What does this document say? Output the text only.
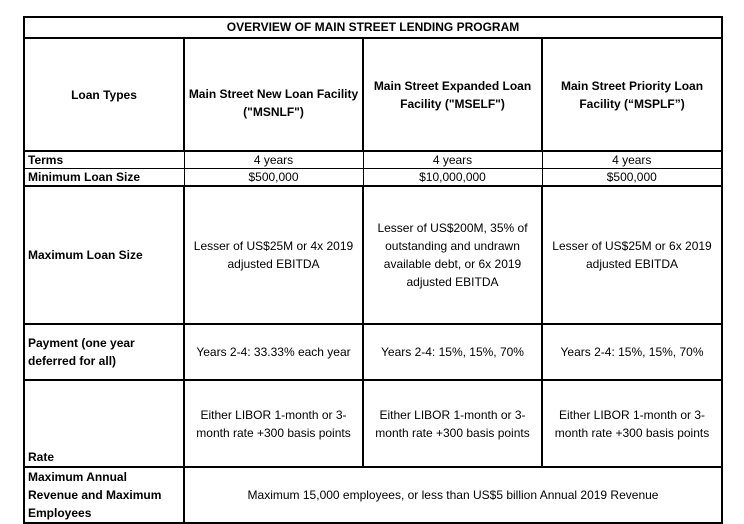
OVERVIEW OF MAIN STREET LENDING PROGRAM			
Loan Types	Main Street New Loan Facility ("MSNLF")	Main Street Expanded Loan Facility ("MSELF")	Main Street Priority Loan Facility (“MSPLF”)

Terms	4 years	4 years	4 years

Minimum Loan Size	$500,000	$10,000,000	$500,000

Maximum Loan Size	Lesser of US$25M or 4x 2019 adjusted EBITDA	Lesser of US$200M, 35% of outstanding and undrawn available debt, or 6x 2019 adjusted EBITDA	Lesser of US$25M or 6x 2019 adjusted EBITDA

Payment (one year deferred for all)	Years 2-4: 33.33% each year	Years 2-4: 15%, 15%, 70%	Years 2-4: 15%, 15%, 70%

Rate	Either LIBOR 1-month or 3-month rate +300 basis points	Either LIBOR 1-month or 3-month rate +300 basis points	Either LIBOR 1-month or 3-month rate +300 basis points

Maximum Annual Revenue and Maximum Employees	Maximum 15,000 employees, or less than US$5 billion Annual 2019 Revenue		
